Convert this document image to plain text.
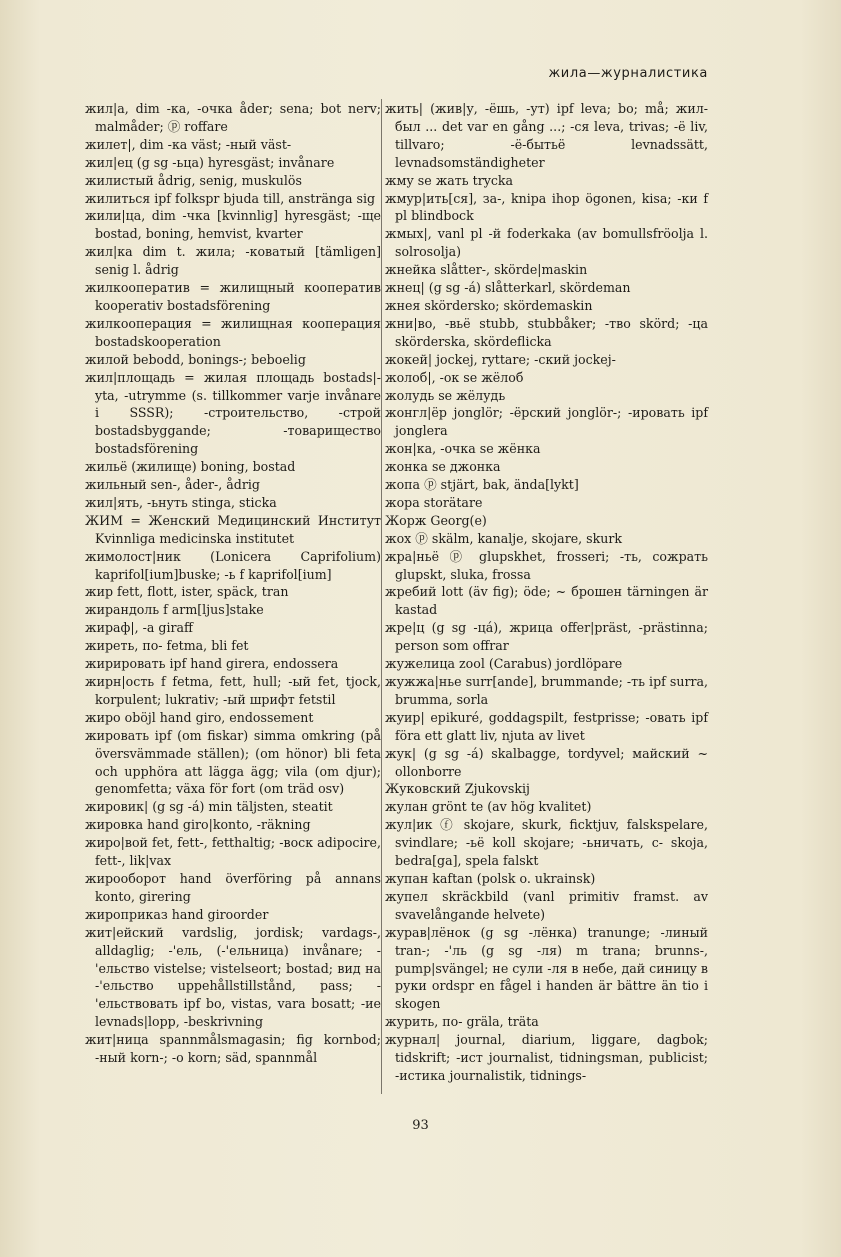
жила—журналистика

жил|а, dim -ка, -очка åder; sena; bot nerv; malmåder; ⓟ roffare

жилет|, dim -ка väst; -ный väst-

жил|ец (g sg -ьца) hyresgäst; invånare

жилистый ådrig, senig, muskulös

жилиться ipf folkspr bjuda till, anstränga sig

жили|ца, dim -чка [kvinnlig] hyresgäst; -ще bostad, boning, hemvist, kvarter

жил|ка dim t. жила; -коватый [tämligen] senig l. ådrig

жилкооператив = жилищный кооператив kooperativ bostadsförening

жилкооперация = жилищная кооперация bostadskooperation

жилой bebodd, bonings-; beboelig

жил|площадь = жилая площадь bostads|-yta, -utrymme (s. tillkommer varje invånare i SSSR); -строительство, -строй bostadsbyggande; -товарищество bostadsförening

жильё (жилище) boning, bostad

жильный sen-, åder-, ådrig

жил|ять, -ьнуть stinga, sticka

ЖИМ = Женский Медицинский Институт Kvinnliga medicinska institutet

жимолост|ник (Lonicera Caprifolium) kaprifol[ium]buske; -ь f kaprifol[ium]

жир fett, flott, ister, späck, tran

жирандоль f arm[ljus]stake

жираф|, -а giraff

жиреть, по- fetma, bli fet

жирировать ipf hand girera, endossera

жирн|ость f fetma, fett, hull; -ый fet, tjock, korpulent; lukrativ; -ый шрифт fetstil

жиро oböjl hand giro, endossement

жировать ipf (om fiskar) simma omkring (på översvämmade ställen); (om hönor) bli feta och upphöra att lägga ägg; vila (om djur); genomfetta; växa för fort (om träd osv)

жировик| (g sg -á) min täljsten, steatit

жировка hand giro|konto, -räkning

жиро|вой fet, fett-, fetthaltig; -воск adipocire, fett-, lik|vax

жирооборот hand överföring på annans konto, girering

жироприказ hand giroorder

жит|ейский vardslig, jordisk; vardags-, alldaglig; -'ель, (-'ельница) invånare; -'ельство vistelse; vistelseort; bostad; вид на -'ельство uppehållstillstånd, pass; -'ельствовать ipf bo, vistas, vara bosatt; -ие levnads|lopp, -beskrivning

жит|ница spannmålsmagasin; fig kornbod; -ный korn-; -о korn; säd, spannmål

жить| (жив|у, -ёшь, -ут) ipf leva; bo; må; жил-был ... det var en gång ...; -ся leva, trivas; -ё liv, tillvaro; -ё-бытьё levnadssätt, levnadsomständigheter

жму se жать trycka

жмур|ить[ся], за-, knipa ihop ögonen, kisa; -ки f pl blindbock

жмых|, vanl pl -й foderkaka (av bomullsfröolja l. solrosolja)

жнейка slåtter-, skörde|maskin

жнец| (g sg -á) slåtterkarl, skördeman

жнея skördersko; skördemaskin

жни|во, -вьё stubb, stubbåker; -тво skörd; -ца skörderska, skördeflicka

жокей| jockej, ryttare; -ский jockej-

жолоб|, -ок se жёлоб

жолудь se жёлудь

жонгл|ёр jonglör; -ёрский jonglör-; -ировать ipf jonglera

жон|ка, -очка se жёнка

жонка se джонка

жопа ⓟ stjärt, bak, ända[lykt]

жора storätare

Жорж Georg(e)

жох ⓟ skälm, kanalje, skojare, skurk

жра|ньё ⓟ glupskhet, frosseri; -ть, сожрать glupskt, sluka, frossa

жребий lott (äv fig); öde; ~ брошен tärningen är kastad

жре|ц (g sg -цá), жрица offer|präst, -prästinna; person som offrar

жужелица zool (Carabus) jordlöpare

жужжа|нье surr[ande], brummande; -ть ipf surra, brumma, sorla

жуир| epikuré, goddagspilt, festprisse; -овать ipf föra ett glatt liv, njuta av livet

жук| (g sg -á) skalbagge, tordyvel; майский ~ ollonborre

Жуковский Zjukovskij

жулан grönt te (av hög kvalitet)

жул|ик ⓕ skojare, skurk, ficktjuv, falskspelare, svindlare; -ьё koll skojare; -ьничать, с- skoja, bedra[ga], spela falskt

жупан kaftan (polsk o. ukrainsk)

жупел skräckbild (vanl primitiv framst. av svavelångande helvete)

журав|лёнок (g sg -лёнка) tranunge; -линый tran-; -'ль (g sg -ля) m trana; brunns-, pump|svängel; не сули -ля в небе, дай синицу в руки ordspr en fågel i handen är bättre än tio i skogen

журить, по- gräla, träta

журнал| journal, diarium, liggare, dagbok; tidskrift; -ист journalist, tidningsman, publicist; -истика journalistik, tidnings-

93
